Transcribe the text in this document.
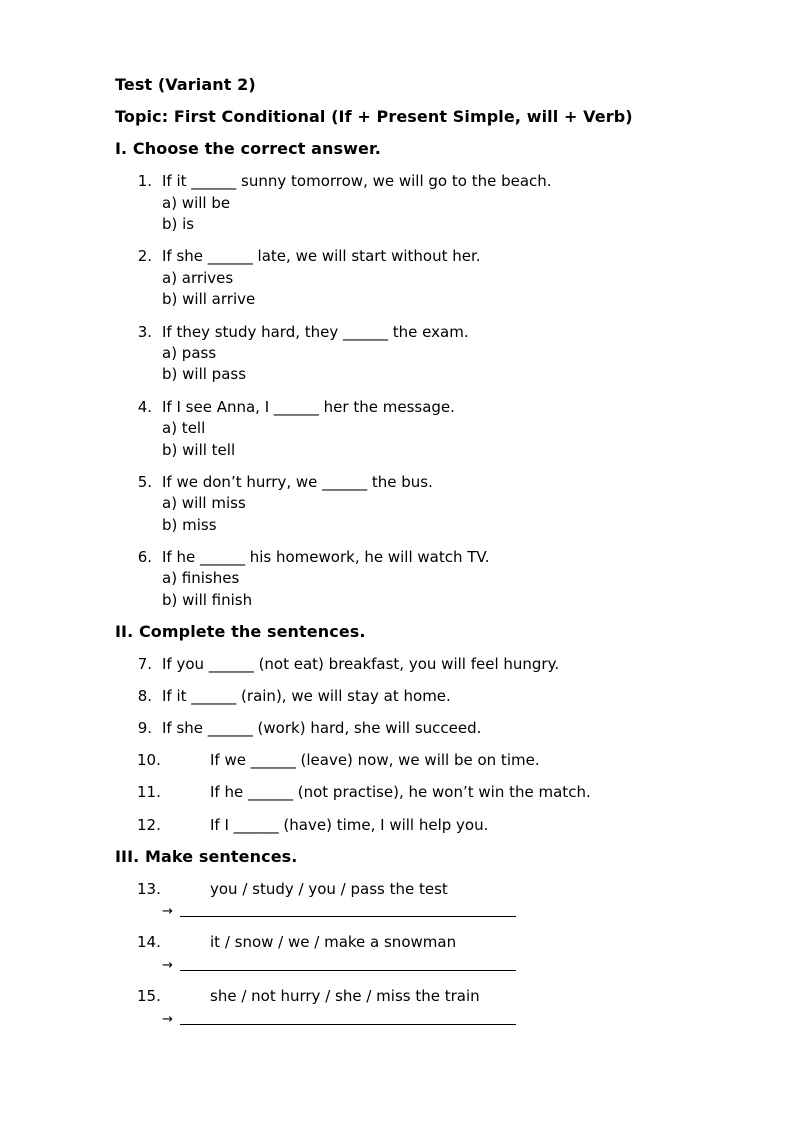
Test (Variant 2)
Topic: First Conditional (If + Present Simple, will + Verb)
I. Choose the correct answer.
1. If it ______ sunny tomorrow, we will go to the beach.
a) will be
b) is
2. If she ______ late, we will start without her.
a) arrives
b) will arrive
3. If they study hard, they ______ the exam.
a) pass
b) will pass
4. If I see Anna, I ______ her the message.
a) tell
b) will tell
5. If we don’t hurry, we ______ the bus.
a) will miss
b) miss
6. If he ______ his homework, he will watch TV.
a) finishes
b) will finish
II. Complete the sentences.
7. If you ______ (not eat) breakfast, you will feel hungry.
8. If it ______ (rain), we will stay at home.
9. If she ______ (work) hard, she will succeed.
10.	If we ______ (leave) now, we will be on time.
11.	If he ______ (not practise), he won’t win the match.
12.	If I ______ (have) time, I will help you.
III. Make sentences.
13.	you / study / you / pass the test
→
14.	it / snow / we / make a snowman
→
15.	she / not hurry / she / miss the train
→
